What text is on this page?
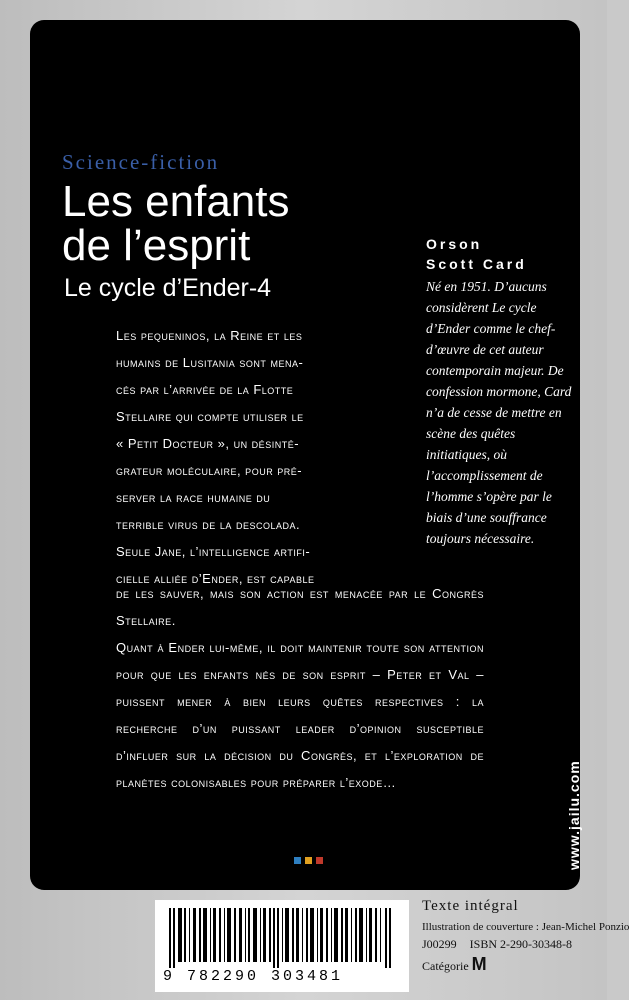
Science-fiction

Les enfants
de l’esprit

Le cycle d’Ender-4

Orson
Scott Card

Né en 1951. D’aucuns considèrent Le cycle d’Ender comme le chef-d’œuvre de cet auteur contemporain majeur. De confession mormone, Card n’a de cesse de mettre en scène des quêtes initiatiques, où l’accomplissement de l’homme s’opère par le biais d’une souffrance toujours nécessaire.

Les pequeninos, la Reine et les
humains de Lusitania sont mena-
cés par l’arrivée de la Flotte
Stellaire qui compte utiliser le
« Petit Docteur », un désinté-
grateur moléculaire, pour pré-
server la race humaine du
terrible virus de la descolada.
Seule Jane, l’intelligence artifi-
cielle alliée d’Ender, est capable

de les sauver, mais son action est menacée par le Congrès Stellaire.

Quant à Ender lui-même, il doit maintenir toute son attention pour que les enfants nés de son esprit – Peter et Val – puissent mener à bien leurs quêtes respectives : la recherche d’un puissant leader d’opinion susceptible d’influer sur la décision du Congrès, et l’exploration de planètes colonisables pour préparer l’exode…	www.jailu.com
9 782290 303481

Texte intégral

Illustration de couverture : Jean-Michel Ponzio

J00299 ISBN 2-290-30348-8

Catégorie M
